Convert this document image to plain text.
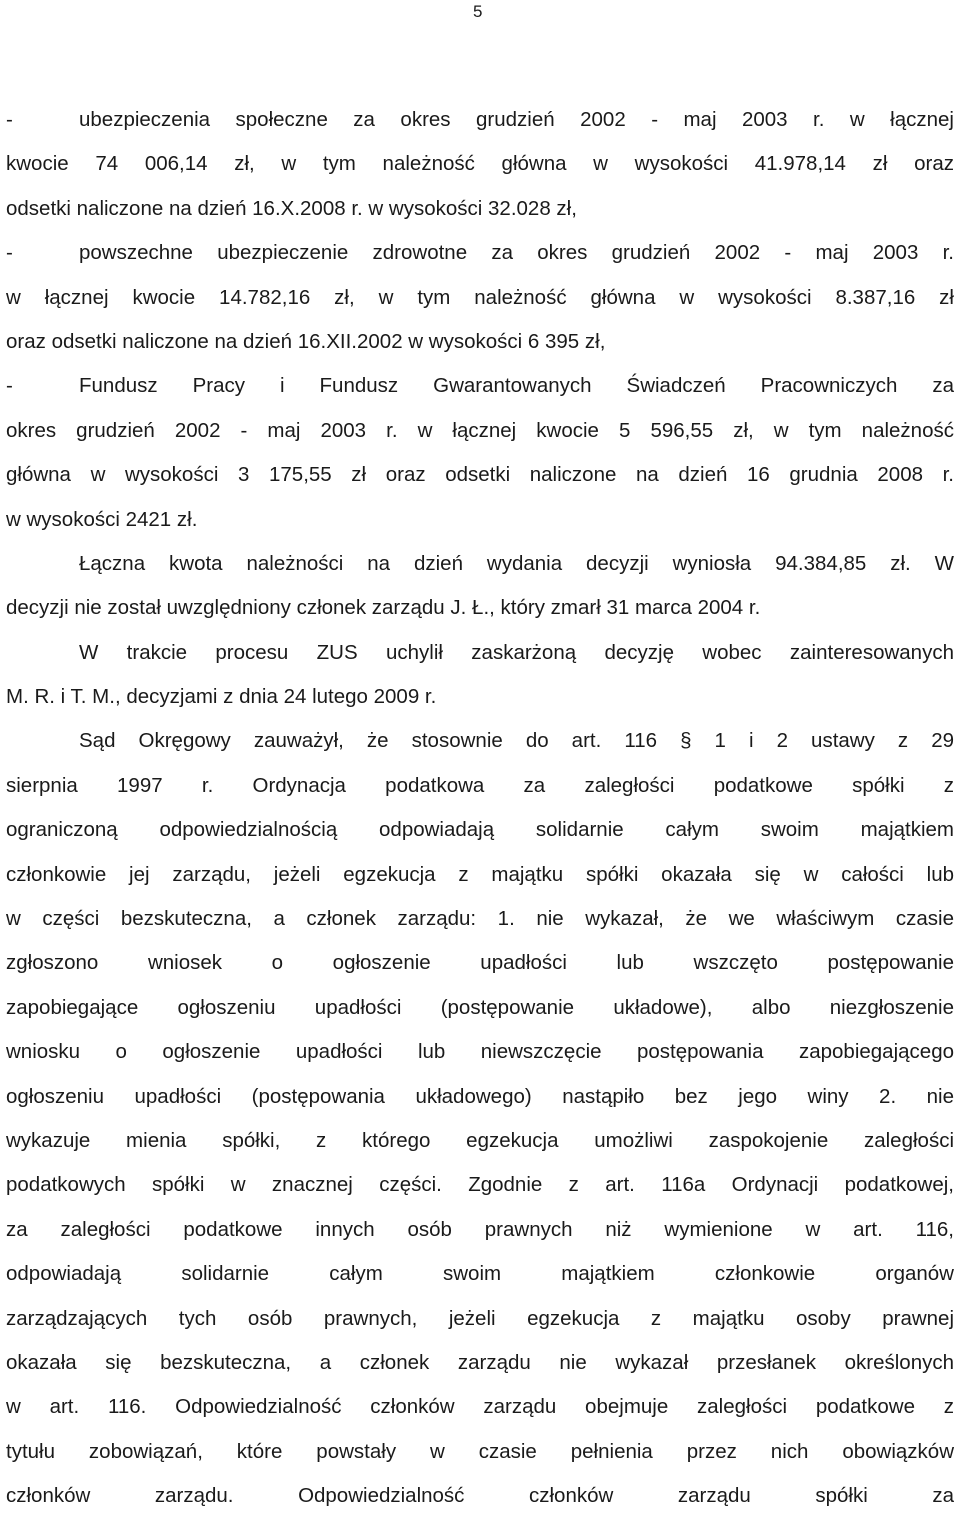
5
-	ubezpieczenia społeczne za okres grudzień 2002 - maj 2003 r. w łącznej
kwocie 74 006,14 zł, w tym należność główna w wysokości 41.978,14 zł oraz
odsetki naliczone na dzień 16.X.2008 r. w wysokości 32.028 zł,
-	powszechne ubezpieczenie zdrowotne za okres grudzień 2002 - maj 2003 r.
w łącznej kwocie 14.782,16 zł, w tym należność główna w wysokości 8.387,16 zł
oraz odsetki naliczone na dzień 16.XII.2002 w wysokości 6 395 zł,
-	Fundusz Pracy i Fundusz Gwarantowanych Świadczeń Pracowniczych za
okres grudzień 2002 - maj 2003 r. w łącznej kwocie 5 596,55 zł, w tym należność
główna w wysokości 3 175,55 zł oraz odsetki naliczone na dzień 16 grudnia 2008 r.
w wysokości 2421 zł.
Łączna kwota należności na dzień wydania decyzji wyniosła 94.384,85 zł. W
decyzji nie został uwzględniony członek zarządu J. Ł., który zmarł 31 marca 2004 r.
W trakcie procesu ZUS uchylił zaskarżoną decyzję wobec zainteresowanych
M. R. i T. M., decyzjami z dnia 24 lutego 2009 r.
Sąd Okręgowy zauważył, że stosownie do art. 116 § 1 i 2 ustawy z 29
sierpnia 1997 r. Ordynacja podatkowa za zaległości podatkowe spółki z
ograniczoną odpowiedzialnością odpowiadają solidarnie całym swoim majątkiem
członkowie jej zarządu, jeżeli egzekucja z majątku spółki okazała się w całości lub
w części bezskuteczna, a członek zarządu: 1. nie wykazał, że we właściwym czasie
zgłoszono wniosek o ogłoszenie upadłości lub wszczęto postępowanie
zapobiegające ogłoszeniu upadłości (postępowanie układowe), albo niezgłoszenie
wniosku o ogłoszenie upadłości lub niewszczęcie postępowania zapobiegającego
ogłoszeniu upadłości (postępowania układowego) nastąpiło bez jego winy 2. nie
wykazuje mienia spółki, z którego egzekucja umożliwi zaspokojenie zaległości
podatkowych spółki w znacznej części. Zgodnie z art. 116a Ordynacji podatkowej,
za zaległości podatkowe innych osób prawnych niż wymienione w art. 116,
odpowiadają solidarnie całym swoim majątkiem członkowie organów
zarządzających tych osób prawnych, jeżeli egzekucja z majątku osoby prawnej
okazała się bezskuteczna, a członek zarządu nie wykazał przesłanek określonych
w art. 116. Odpowiedzialność członków zarządu obejmuje zaległości podatkowe z
tytułu zobowiązań, które powstały w czasie pełnienia przez nich obowiązków
członków zarządu. Odpowiedzialność członków zarządu spółki za
